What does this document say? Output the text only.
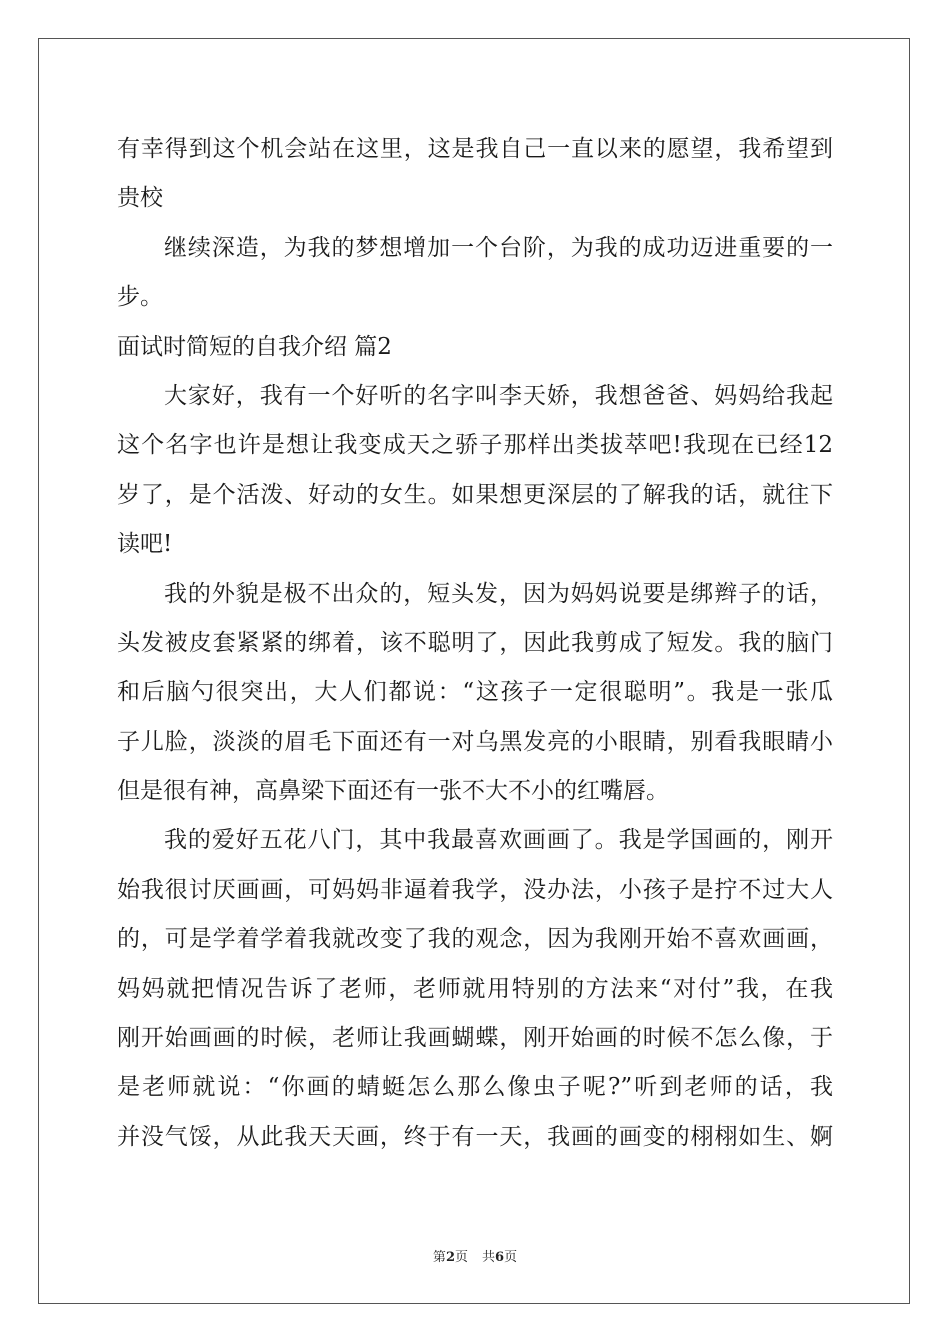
有幸得到这个机会站在这里，这是我自己一直以来的愿望，我希望到
贵校
继续深造，为我的梦想增加一个台阶，为我的成功迈进重要的一
步。
面试时简短的自我介绍 篇2
大家好，我有一个好听的名字叫李天娇，我想爸爸、妈妈给我起
这个名字也许是想让我变成天之骄子那样出类拔萃吧!我现在已经12
岁了，是个活泼、好动的女生。如果想更深层的了解我的话，就往下
读吧!
我的外貌是极不出众的，短头发，因为妈妈说要是绑辫子的话，
头发被皮套紧紧的绑着，该不聪明了，因此我剪成了短发。我的脑门
和后脑勺很突出，大人们都说：“这孩子一定很聪明”。我是一张瓜
子儿脸，淡淡的眉毛下面还有一对乌黑发亮的小眼睛，别看我眼睛小
但是很有神，高鼻梁下面还有一张不大不小的红嘴唇。
我的爱好五花八门，其中我最喜欢画画了。我是学国画的，刚开
始我很讨厌画画，可妈妈非逼着我学，没办法，小孩子是拧不过大人
的，可是学着学着我就改变了我的观念，因为我刚开始不喜欢画画，
妈妈就把情况告诉了老师，老师就用特别的方法来“对付”我，在我
刚开始画画的时候，老师让我画蝴蝶，刚开始画的时候不怎么像，于
是老师就说：“你画的蜻蜓怎么那么像虫子呢?”听到老师的话，我
并没气馁，从此我天天画，终于有一天，我画的画变的栩栩如生、婀
第2页 共6页
